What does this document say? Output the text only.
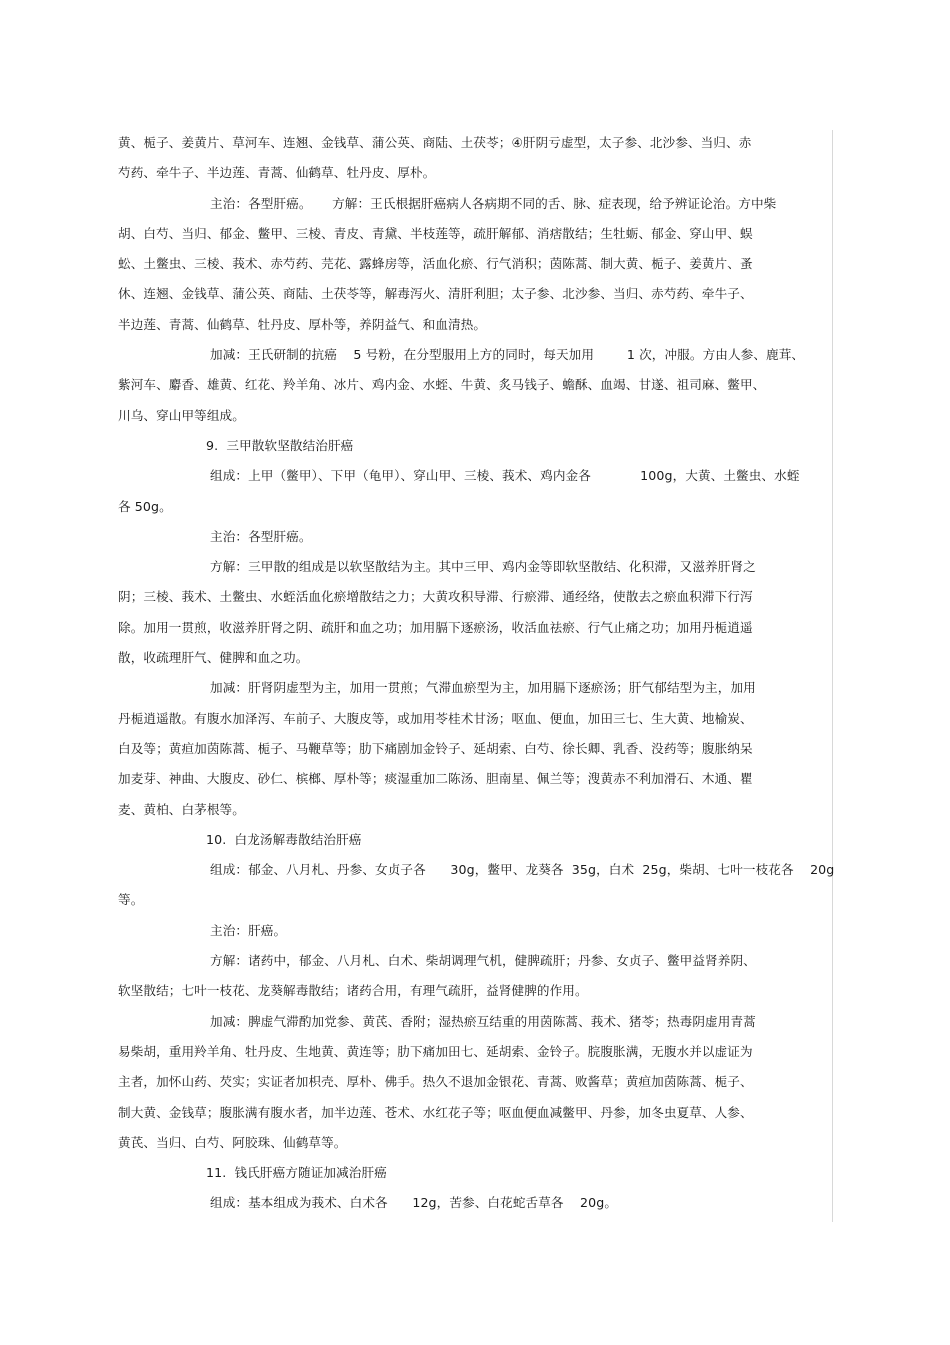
黄、栀子、姜黄片、草河车、连翘、金钱草、蒲公英、商陆、土茯苓；④肝阴亏虚型，太子参、北沙参、当归、赤
芍药、牵牛子、半边莲、青蒿、仙鹤草、牡丹皮、厚朴。
主治：各型肝癌。     方解：王氏根据肝癌病人各病期不同的舌、脉、症表现，给予辨证论治。方中柴
胡、白芍、当归、郁金、鳖甲、三棱、青皮、青黛、半枝莲等，疏肝解郁、消痞散结；生牡蛎、郁金、穿山甲、蜈
蚣、土鳖虫、三棱、莪术、赤芍药、芫花、露蜂房等，活血化瘀、行气消积；茵陈蒿、制大黄、栀子、姜黄片、蚤
休、连翘、金钱草、蒲公英、商陆、土茯苓等，解毒泻火、清肝利胆；太子参、北沙参、当归、赤芍药、牵牛子、
半边莲、青蒿、仙鹤草、牡丹皮、厚朴等，养阴益气、和血清热。
加减：王氏研制的抗癌    5 号粉，在分型服用上方的同时，每天加用        1 次，冲服。方由人参、鹿茸、
紫河车、麝香、雄黄、红花、羚羊角、冰片、鸡内金、水蛭、牛黄、炙马钱子、蟾酥、血竭、甘遂、祖司麻、鳖甲、
川乌、穿山甲等组成。
9.  三甲散软坚散结治肝癌
组成：上甲（鳖甲）、下甲（龟甲）、穿山甲、三棱、莪术、鸡内金各            100g，大黄、土鳖虫、水蛭
各 50g。
主治：各型肝癌。
方解：三甲散的组成是以软坚散结为主。其中三甲、鸡内金等即软坚散结、化积滞，又滋养肝肾之
阴；三棱、莪术、土鳖虫、水蛭活血化瘀增散结之力；大黄攻积导滞、行瘀滞、通经络，使散去之瘀血积滞下行泻
除。加用一贯煎，收滋养肝肾之阴、疏肝和血之功；加用膈下逐瘀汤，收活血祛瘀、行气止痛之功；加用丹栀逍遥
散，收疏理肝气、健脾和血之功。
加减：肝肾阴虚型为主，加用一贯煎；气滞血瘀型为主，加用膈下逐瘀汤；肝气郁结型为主，加用
丹栀逍遥散。有腹水加泽泻、车前子、大腹皮等，或加用苓桂术甘汤；呕血、便血，加田三七、生大黄、地榆炭、
白及等；黄疸加茵陈蒿、栀子、马鞭草等；肋下痛剧加金铃子、延胡索、白芍、徐长卿、乳香、没药等；腹胀纳呆
加麦芽、神曲、大腹皮、砂仁、槟榔、厚朴等；痰湿重加二陈汤、胆南星、佩兰等；溲黄赤不利加滑石、木通、瞿
麦、黄柏、白茅根等。
10.  白龙汤解毒散结治肝癌
组成：郁金、八月札、丹参、女贞子各      30g，鳖甲、龙葵各  35g，白术  25g，柴胡、七叶一枝花各    20g
等。
主治：肝癌。
方解：诸药中，郁金、八月札、白术、柴胡调理气机，健脾疏肝；丹参、女贞子、鳖甲益肾养阴、
软坚散结；七叶一枝花、龙葵解毒散结；诸药合用，有理气疏肝，益肾健脾的作用。
加减：脾虚气滞酌加党参、黄芪、香附；湿热瘀互结重的用茵陈蒿、莪术、猪苓；热毒阴虚用青蒿
易柴胡，重用羚羊角、牡丹皮、生地黄、黄连等；肋下痛加田七、延胡索、金铃子。脘腹胀满，无腹水并以虚证为
主者，加怀山药、芡实；实证者加枳壳、厚朴、佛手。热久不退加金银花、青蒿、败酱草；黄疸加茵陈蒿、栀子、
制大黄、金钱草；腹胀满有腹水者，加半边莲、苍术、水红花子等；呕血便血减鳖甲、丹参，加冬虫夏草、人参、
黄芪、当归、白芍、阿胶珠、仙鹤草等。
11.  钱氏肝癌方随证加减治肝癌
组成：基本组成为莪术、白术各      12g，苦参、白花蛇舌草各    20g。
